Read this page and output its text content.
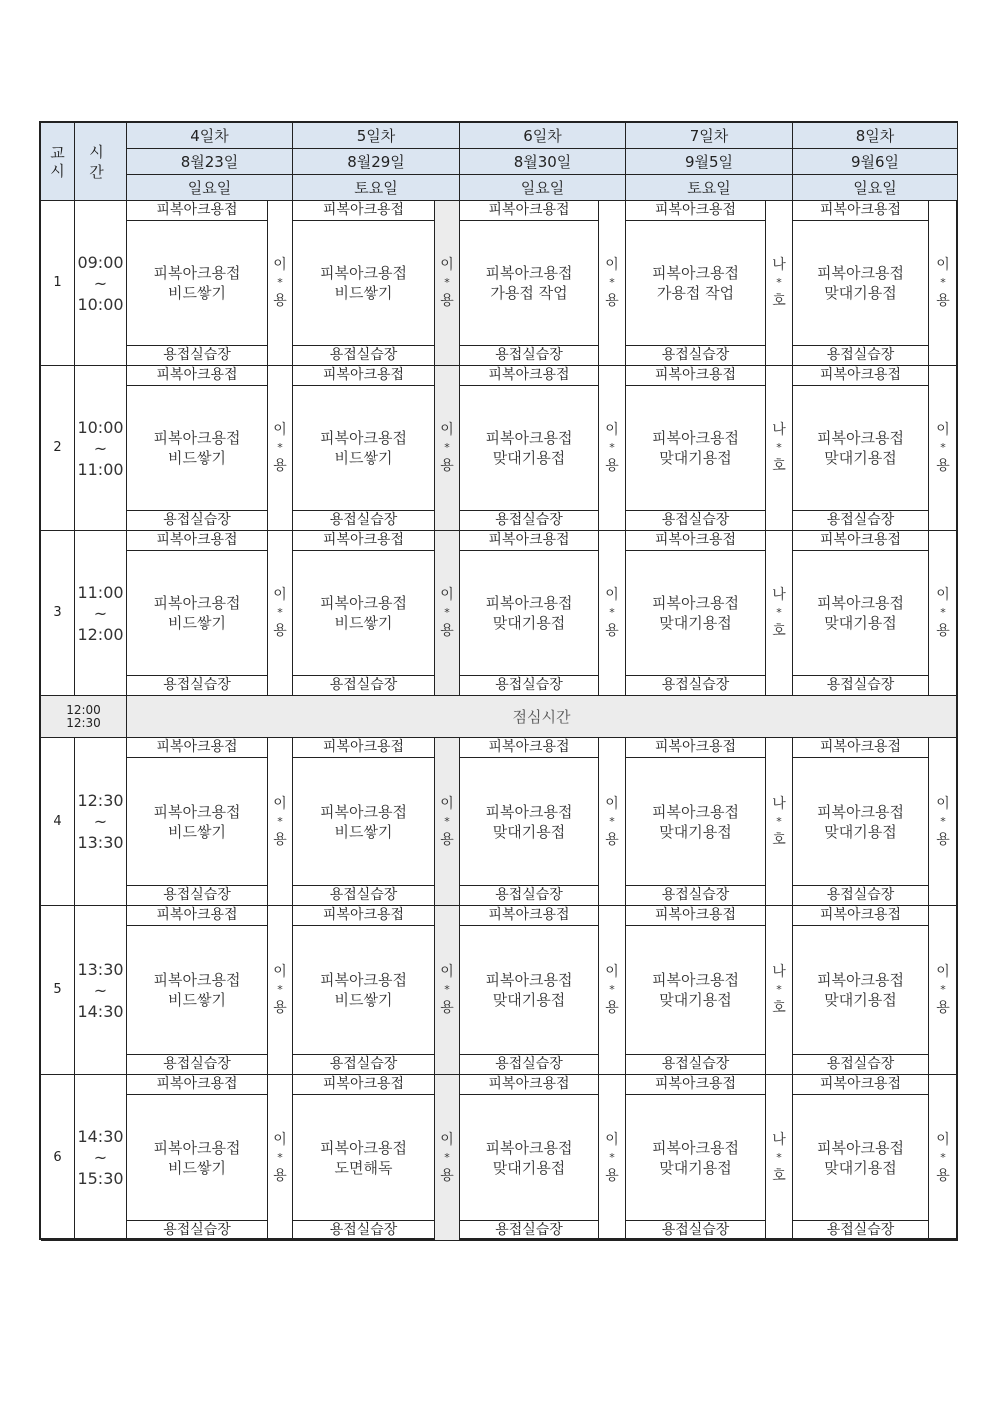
교
시
시 간
4일차
8월23일
일요일
5일차
8월29일
토요일
6일차
8월30일
일요일
7일차
9월5일
토요일
8일차
9월6일
일요일
1
09:00
~
10:00
피복아크용접
피복아크용접
비드쌓기
용접실습장
이
*
용
피복아크용접
피복아크용접
비드쌓기
용접실습장
이
*
용
피복아크용접
피복아크용접
가용접 작업
용접실습장
이
*
용
피복아크용접
피복아크용접
가용접 작업
용접실습장
나
*
호
피복아크용접
피복아크용접
맞대기용접
용접실습장
이
*
용
2
10:00
~
11:00
피복아크용접
피복아크용접
비드쌓기
용접실습장
이
*
용
피복아크용접
피복아크용접
비드쌓기
용접실습장
이
*
용
피복아크용접
피복아크용접
맞대기용접
용접실습장
이
*
용
피복아크용접
피복아크용접
맞대기용접
용접실습장
나
*
호
피복아크용접
피복아크용접
맞대기용접
용접실습장
이
*
용
3
11:00
~
12:00
피복아크용접
피복아크용접
비드쌓기
용접실습장
이
*
용
피복아크용접
피복아크용접
비드쌓기
용접실습장
이
*
용
피복아크용접
피복아크용접
맞대기용접
용접실습장
이
*
용
피복아크용접
피복아크용접
맞대기용접
용접실습장
나
*
호
피복아크용접
피복아크용접
맞대기용접
용접실습장
이
*
용
12:00
12:30	점심시간
4
12:30
~
13:30
피복아크용접
피복아크용접
비드쌓기
용접실습장
이
*
용
피복아크용접
피복아크용접
비드쌓기
용접실습장
이
*
용
피복아크용접
피복아크용접
맞대기용접
용접실습장
이
*
용
피복아크용접
피복아크용접
맞대기용접
용접실습장
나
*
호
피복아크용접
피복아크용접
맞대기용접
용접실습장
이
*
용
5
13:30
~
14:30
피복아크용접
피복아크용접
비드쌓기
용접실습장
이
*
용
피복아크용접
피복아크용접
비드쌓기
용접실습장
이
*
용
피복아크용접
피복아크용접
맞대기용접
용접실습장
이
*
용
피복아크용접
피복아크용접
맞대기용접
용접실습장
나
*
호
피복아크용접
피복아크용접
맞대기용접
용접실습장
이
*
용
6
14:30
~
15:30
피복아크용접
피복아크용접
비드쌓기
용접실습장
이
*
용
피복아크용접
피복아크용접
도면해독
용접실습장
이
*
용
피복아크용접
피복아크용접
맞대기용접
용접실습장
이
*
용
피복아크용접
피복아크용접
맞대기용접
용접실습장
나
*
호
피복아크용접
피복아크용접
맞대기용접
용접실습장
이
*
용
